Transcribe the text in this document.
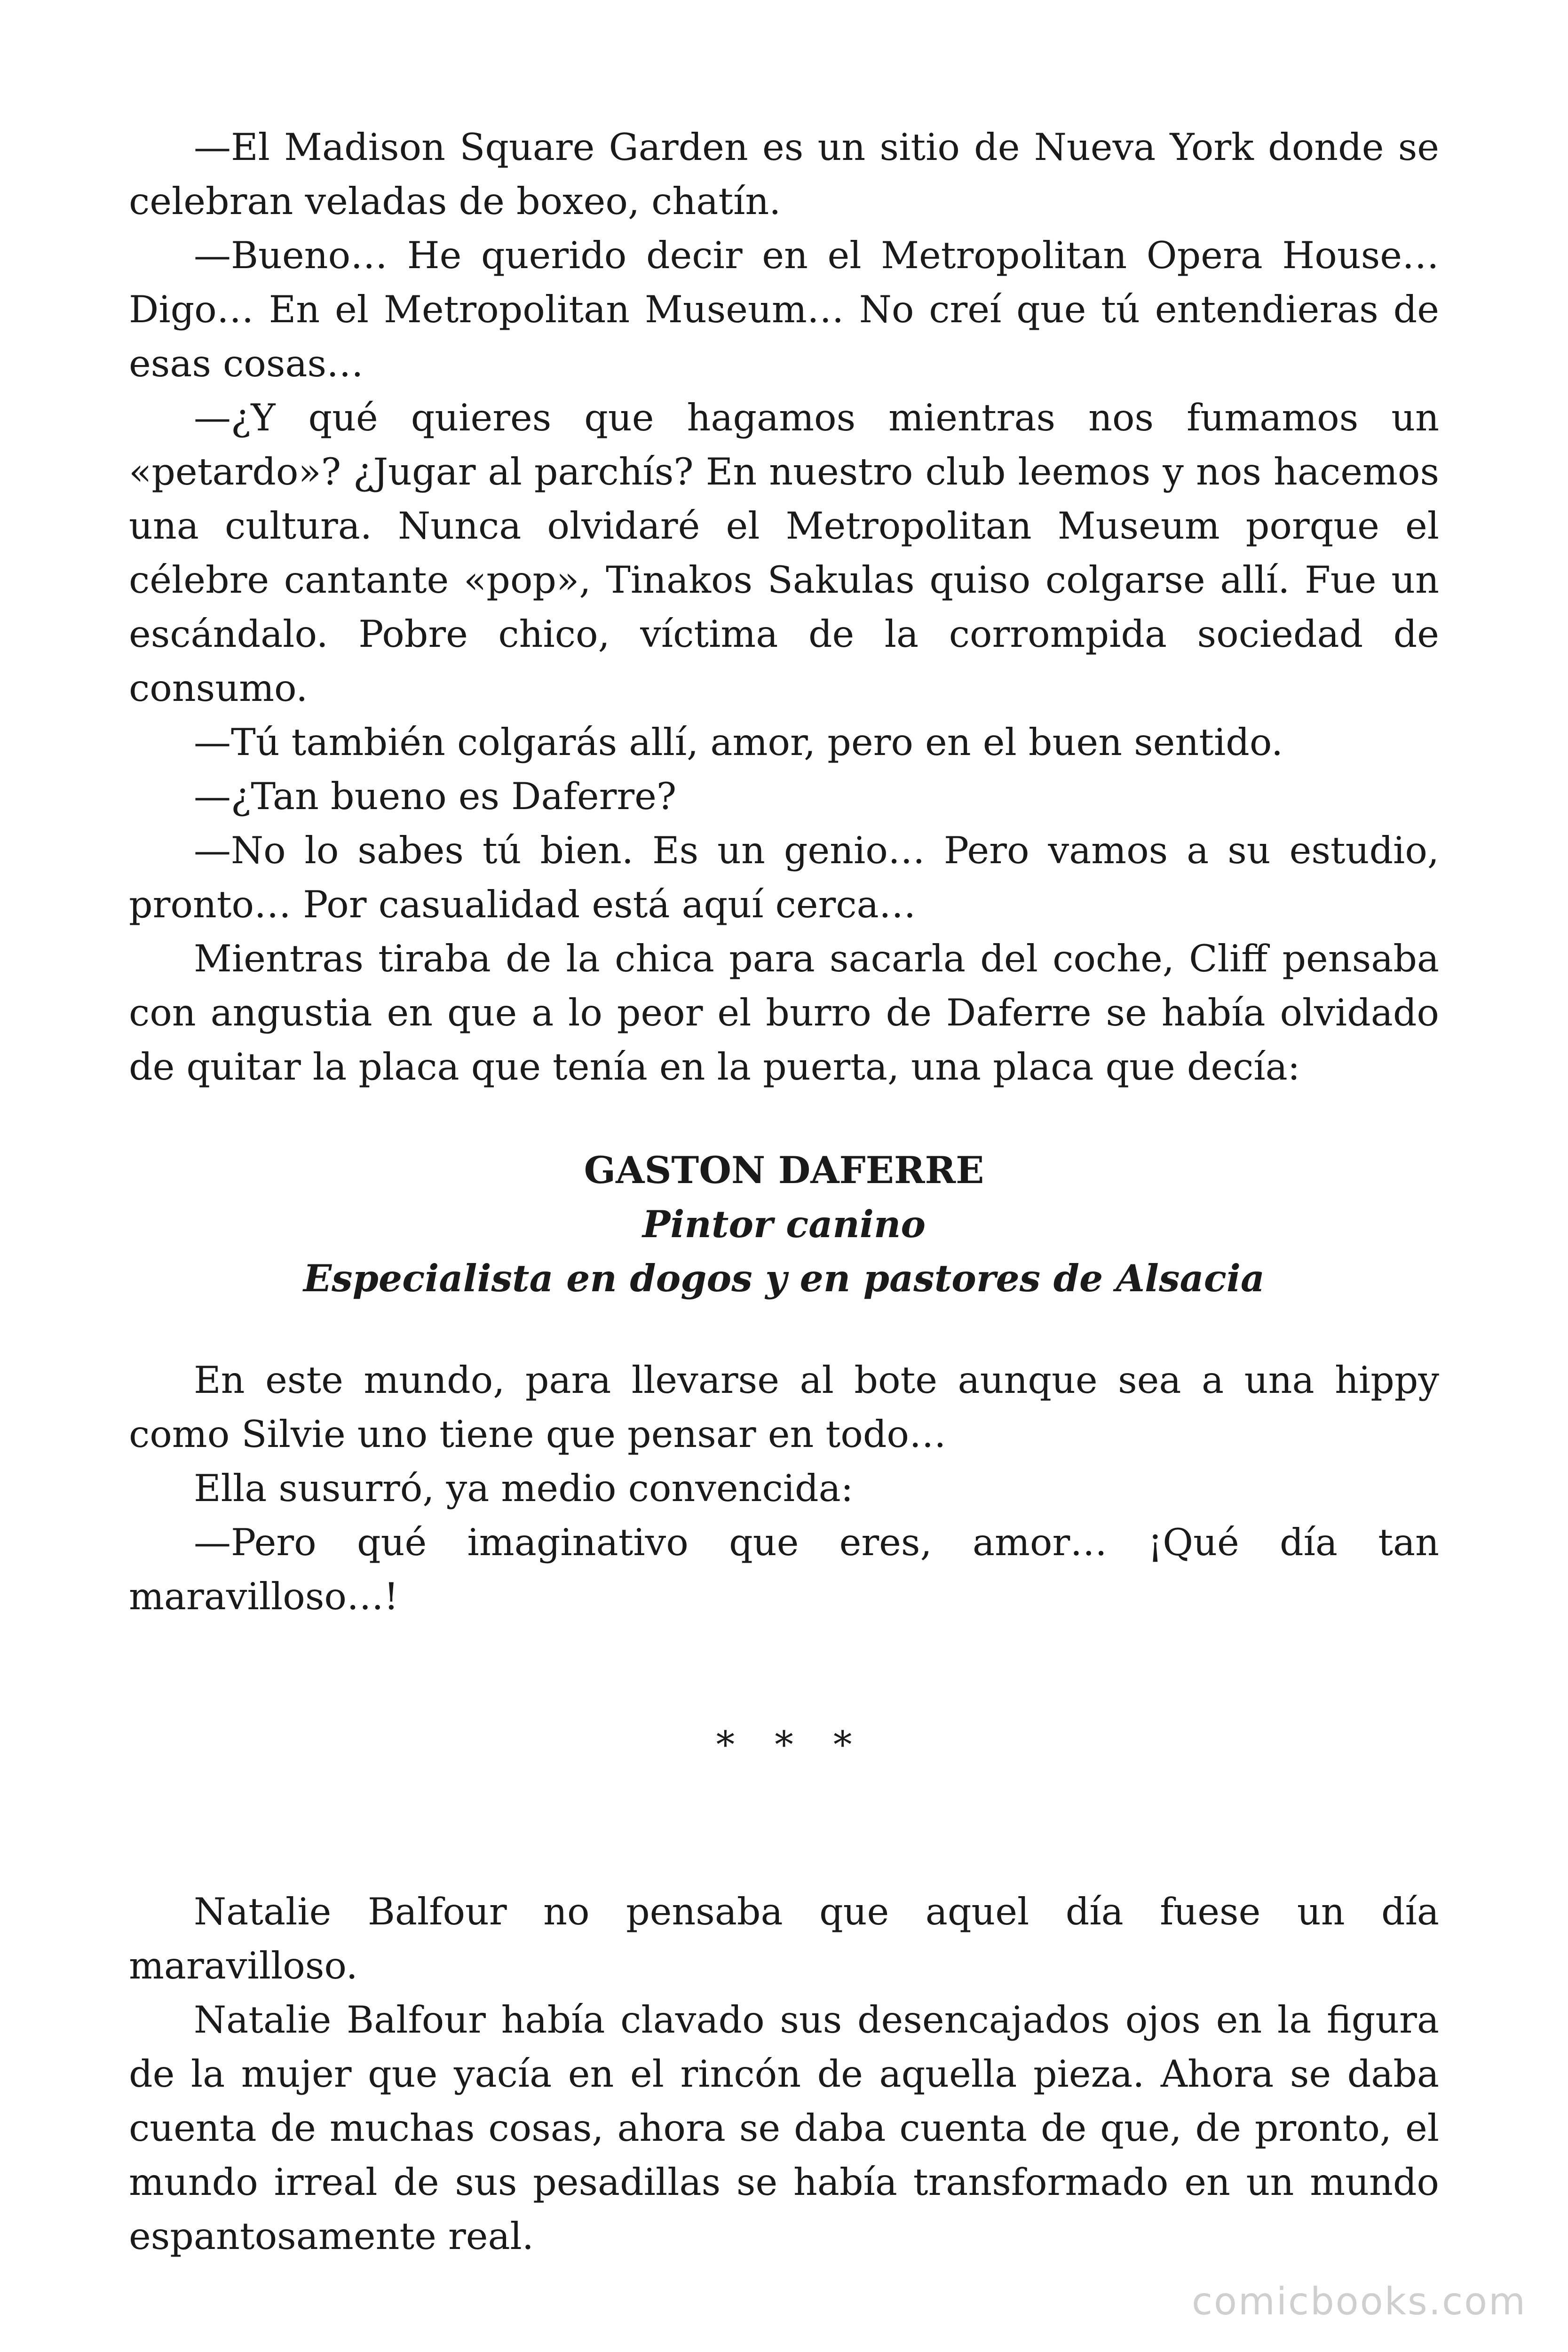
—El Madison Square Garden es un sitio de Nueva York donde se celebran veladas de boxeo, chatín.

—Bueno… He querido decir en el Metropolitan Opera House… Digo… En el Metropolitan Museum… No creí que tú entendieras de esas cosas…

—¿Y qué quieres que hagamos mientras nos fumamos un «petardo»? ¿Jugar al parchís? En nuestro club leemos y nos hacemos una cultura. Nunca olvidaré el Metropolitan Museum porque el célebre cantante «pop», Tinakos Sakulas quiso colgarse allí. Fue un escándalo. Pobre chico, víctima de la corrompida sociedad de consumo.

—Tú también colgarás allí, amor, pero en el buen sentido.

—¿Tan bueno es Daferre?

—No lo sabes tú bien. Es un genio… Pero vamos a su estudio, pronto… Por casualidad está aquí cerca…

Mientras tiraba de la chica para sacarla del coche, Cliff pensaba con angustia en que a lo peor el burro de Daferre se había olvidado de quitar la placa que tenía en la puerta, una placa que decía:

GASTON DAFERRE
Pintor canino
Especialista en dogos y en pastores de Alsacia

En este mundo, para llevarse al bote aunque sea a una hippy como Silvie uno tiene que pensar en todo…

Ella susurró, ya medio convencida:

—Pero qué imaginativo que eres, amor… ¡Qué día tan maravilloso…!

* * *

Natalie Balfour no pensaba que aquel día fuese un día maravilloso.

Natalie Balfour había clavado sus desencajados ojos en la figura de la mujer que yacía en el rincón de aquella pieza. Ahora se daba cuenta de muchas cosas, ahora se daba cuenta de que, de pronto, el mundo irreal de sus pesadillas se había transformado en un mundo espantosamente real.

comicbooks.com
